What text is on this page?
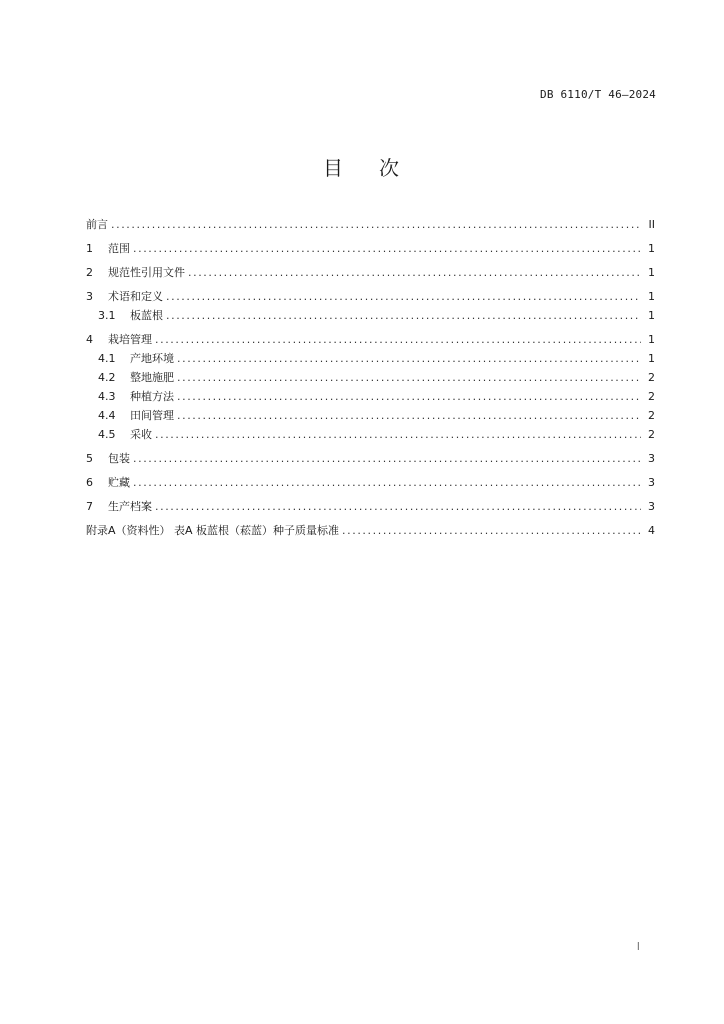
DB 6110/T 46—2024
目 次
前言 .....	II
1	范围 .....	1
2	规范性引用文件 .....	1
3	术语和定义 .....	1
3.1	板蓝根 .....	1
4	栽培管理 .....	1
4.1	产地环境 .....	1
4.2	整地施肥 .....	2
4.3	种植方法 .....	2
4.4	田间管理 .....	2
4.5	采收 .....	2
5	包装 .....	3
6	贮藏 .....	3
7	生产档案 .....	3
附录A（资料性） 表A 板蓝根（菘蓝）种子质量标准 .....	4
I
